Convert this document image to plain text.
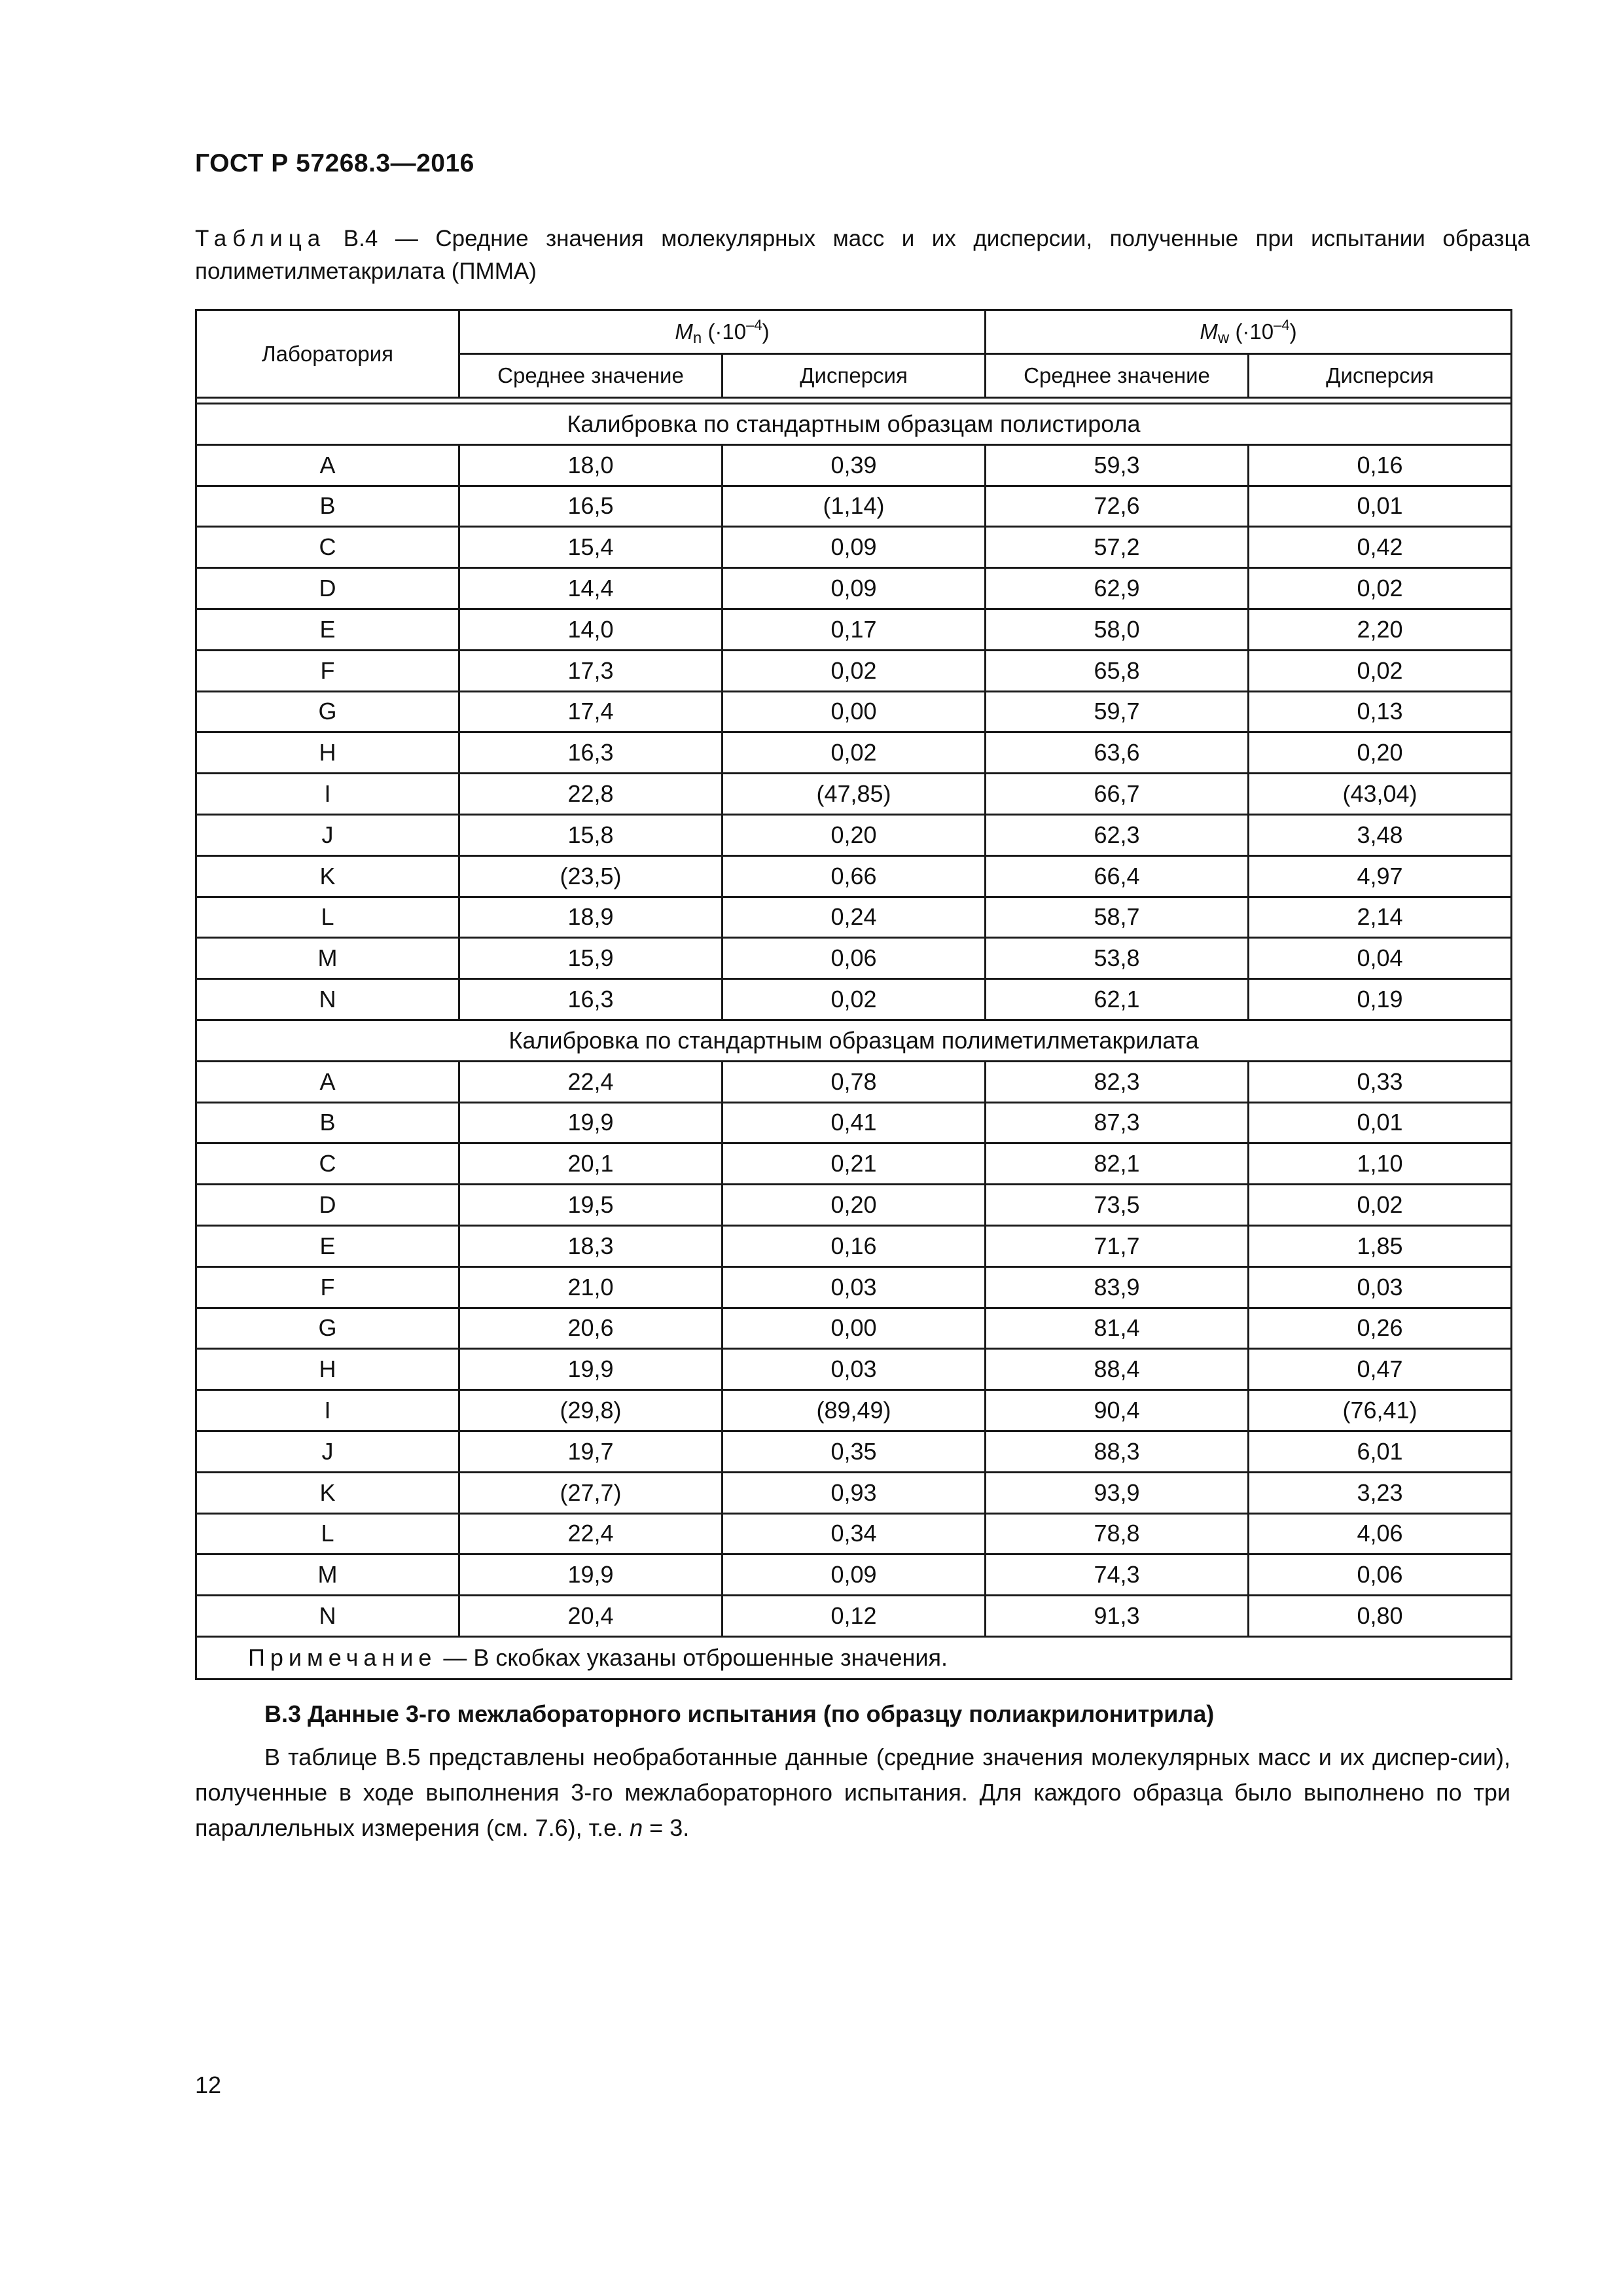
ГОСТ Р 57268.3—2016
Таблица В.4 — Средние значения молекулярных масс и их дисперсии, полученные при испытании образца полиметилметакрилата (ПММА)
Лаборатория	$M_n$ $(\cdot 10^{-4})$		$M_w$ $(\cdot 10^{-4})$	
	Среднее значение	Дисперсия	Среднее значение	Дисперсия

Калибровка по стандартным образцам полистирола				
A	18,0	0,39	59,3	0,16
B	16,5	(1,14)	72,6	0,01
C	15,4	0,09	57,2	0,42
D	14,4	0,09	62,9	0,02
E	14,0	0,17	58,0	2,20
F	17,3	0,02	65,8	0,02
G	17,4	0,00	59,7	0,13
H	16,3	0,02	63,6	0,20
I	22,8	(47,85)	66,7	(43,04)
J	15,8	0,20	62,3	3,48
K	(23,5)	0,66	66,4	4,97
L	18,9	0,24	58,7	2,14
M	15,9	0,06	53,8	0,04
N	16,3	0,02	62,1	0,19
Калибровка по стандартным образцам полиметилметакрилата				
A	22,4	0,78	82,3	0,33
B	19,9	0,41	87,3	0,01
C	20,1	0,21	82,1	1,10
D	19,5	0,20	73,5	0,02
E	18,3	0,16	71,7	1,85
F	21,0	0,03	83,9	0,03
G	20,6	0,00	81,4	0,26
H	19,9	0,03	88,4	0,47
I	(29,8)	(89,49)	90,4	(76,41)
J	19,7	0,35	88,3	6,01
K	(27,7)	0,93	93,9	3,23
L	22,4	0,34	78,8	4,06
M	19,9	0,09	74,3	0,06
N	20,4	0,12	91,3	0,80
Примечание — В скобках указаны отброшенные значения.				
В.3 Данные 3-го межлабораторного испытания (по образцу полиакрилонитрила)
В таблице В.5 представлены необработанные данные (средние значения молекулярных масс и их диспер-сии), полученные в ходе выполнения 3-го межлабораторного испытания. Для каждого образца было выполнено по три параллельных измерения (см. 7.6), т.е. n = 3.
12
